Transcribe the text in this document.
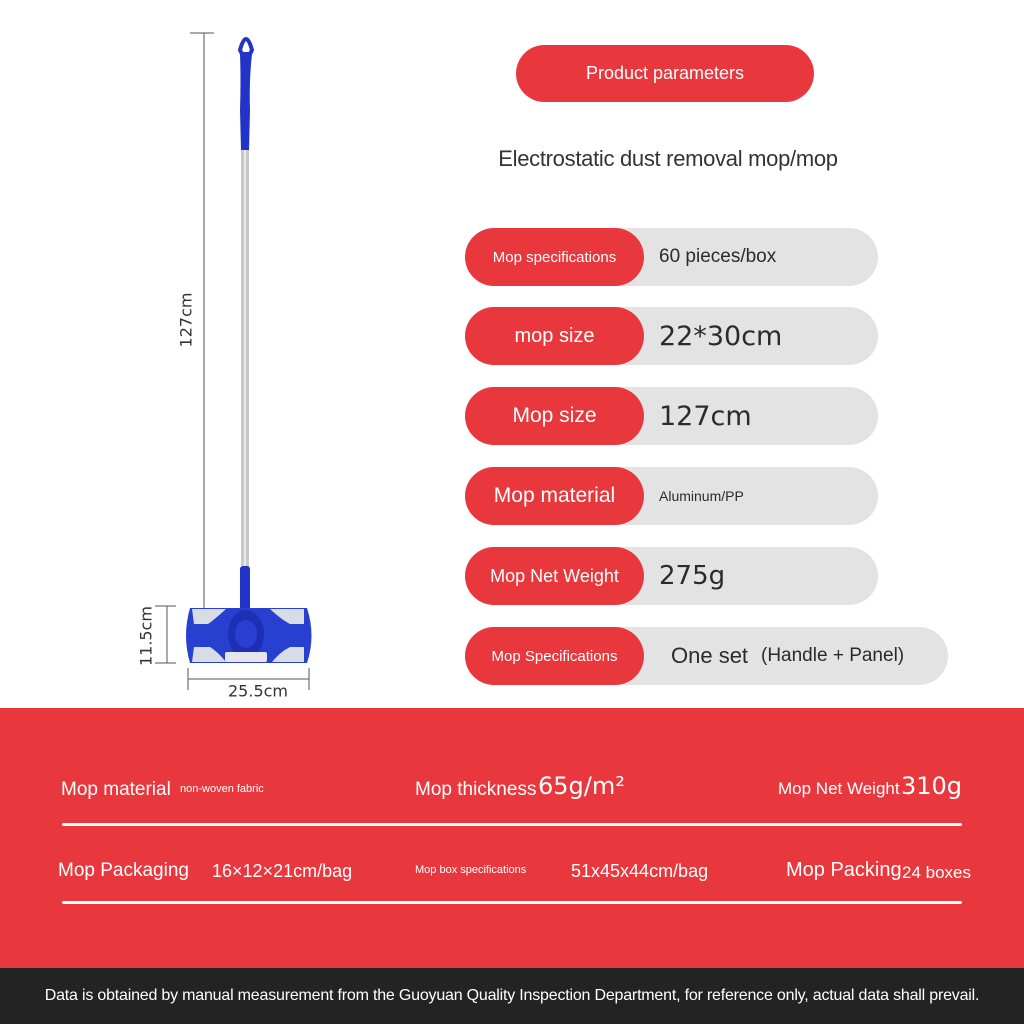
127cm
11.5cm
25.5cm
Product parameters
Electrostatic dust removal mop/mop
Mop specifications	60 pieces/box
mop size	22*30cm
Mop size	127cm
Mop material	Aluminum/PP
Mop Net Weight	275g
Mop Specifications	One set (Handle + Panel)
Mop material non-woven fabric	Mop thickness 65g/m²	Mop Net Weight 310g
Mop Packaging 16×12×21cm/bag	Mop box specifications 51x45x44cm/bag	Mop Packing 24 boxes
Data is obtained by manual measurement from the Guoyuan Quality Inspection Department, for reference only, actual data shall prevail.
